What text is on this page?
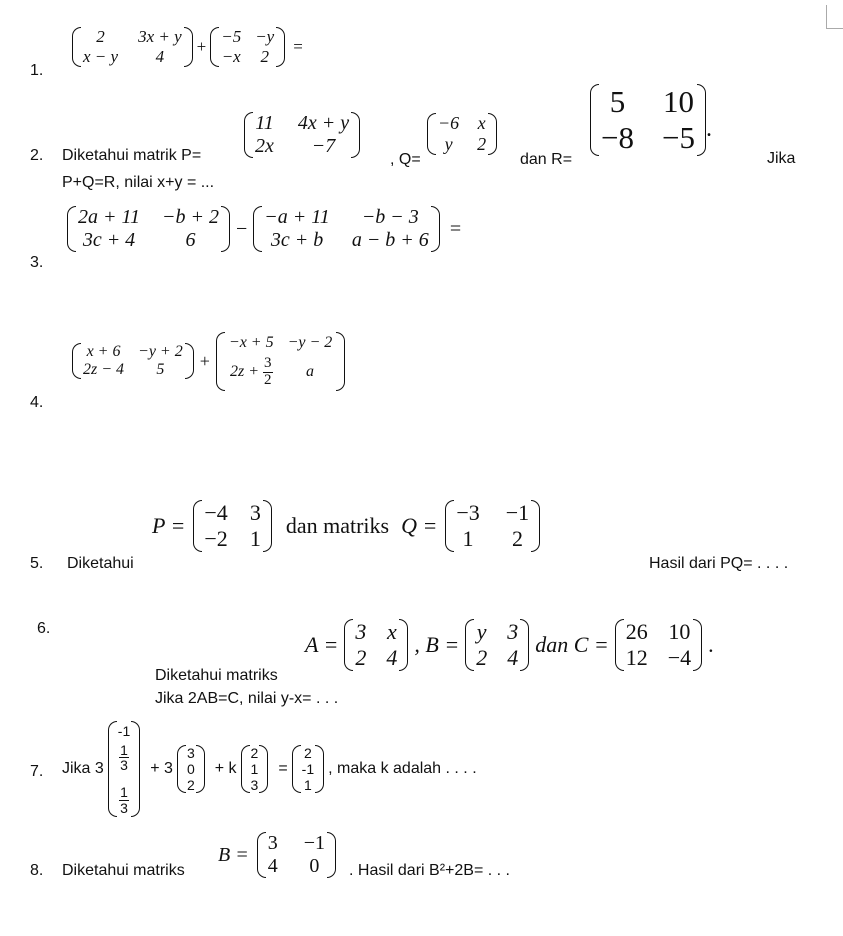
1.
2 3x + y
x − y 4
+
−5 −y
−x 2
=
2. Diketahui matrik P=
11 4x + y
2x −7
, Q=
−6 x
y 2
dan R=
5 10
−8 −5 .
Jika
P+Q=R, nilai x+y = ...
3.
2a + 11 −b + 2
3c + 4	6
−
−a + 11 −b − 3
3c + b a − b + 6
=
4.
x + 6 −y + 2
2z − 4 5 +
−x + 5 −y − 2
$2z + \frac{3}{2}$ a
5. Diketahui
P =
−4 3
−2 1
dan matriks Q =
−3 −1
1 2
Hasil dari PQ= . . . .
6.
Diketahui matriks
A =
3 x
2 4
, B =
y 3
2 4
dan C =
26 10
12 −4
.
Jika 2AB=C, nilai y-x= . . .
7. Jika 3
-1
$\frac{1}{3}$
$\frac{1}{3}$
+ 3
3
0
2
+ k
2
1
3
=
2
-1
1
, maka k adalah . . . .
8. Diketahui matriks
B =
3 −1
4 0 . Hasil dari B²+2B= . . .
